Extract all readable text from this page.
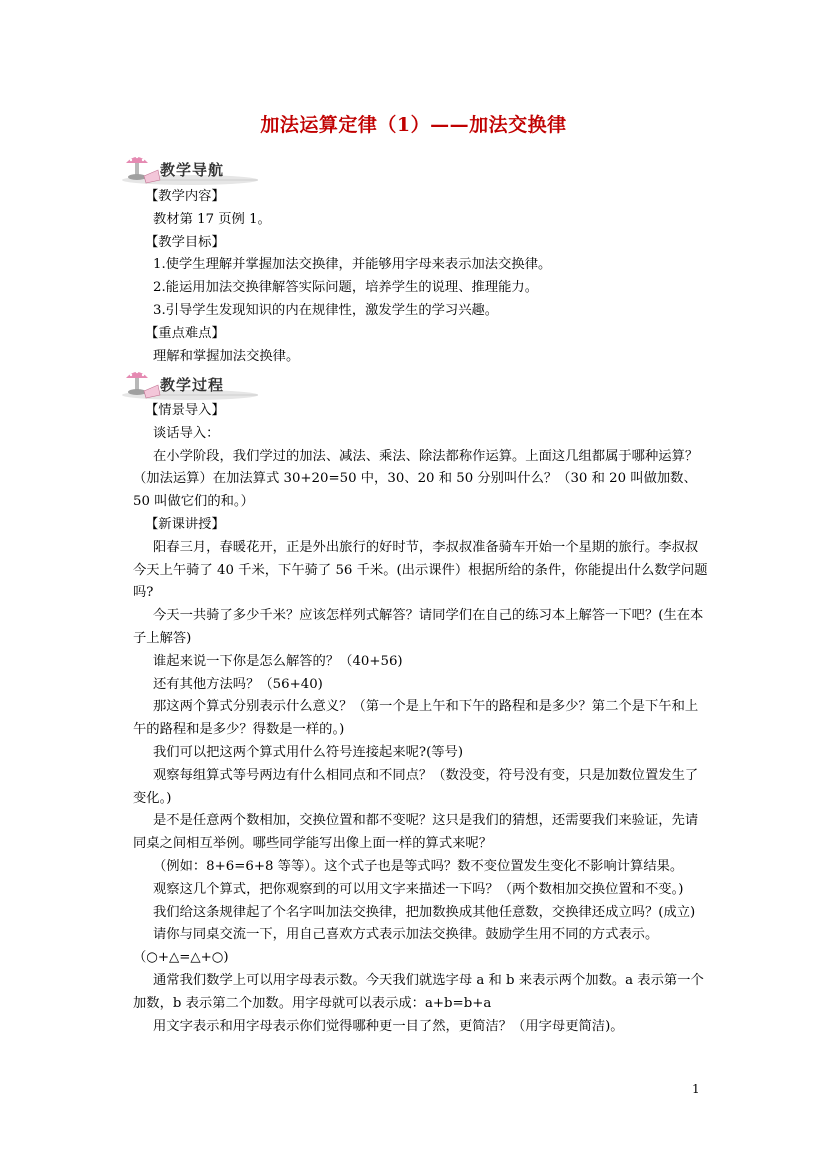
加法运算定律（1）——加法交换律
教学导航

【教学内容】

教材第 17 页例 1。

【教学目标】

1.使学生理解并掌握加法交换律，并能够用字母来表示加法交换律。

2.能运用加法交换律解答实际问题，培养学生的说理、推理能力。

3.引导学生发现知识的内在规律性，激发学生的学习兴趣。

【重点难点】

理解和掌握加法交换律。

教学过程

【情景导入】

谈话导入：

在小学阶段，我们学过的加法、减法、乘法、除法都称作运算。上面这几组都属于哪种运算？（加法运算）在加法算式 30+20=50 中，30、20 和 50 分别叫什么？（30 和 20 叫做加数、50 叫做它们的和。）

【新课讲授】

阳春三月，春暖花开，正是外出旅行的好时节，李叔叔准备骑车开始一个星期的旅行。李叔叔今天上午骑了 40 千米，下午骑了 56 千米。(出示课件）根据所给的条件，你能提出什么数学问题吗?

今天一共骑了多少千米？应该怎样列式解答？请同学们在自己的练习本上解答一下吧？(生在本子上解答)

谁起来说一下你是怎么解答的？（40+56)

还有其他方法吗？（56+40)

那这两个算式分别表示什么意义？（第一个是上午和下午的路程和是多少？第二个是下午和上午的路程和是多少？得数是一样的。)

我们可以把这两个算式用什么符号连接起来呢?(等号)

观察每组算式等号两边有什么相同点和不同点？（数没变，符号没有变，只是加数位置发生了变化。)

是不是任意两个数相加，交换位置和都不变呢？这只是我们的猜想，还需要我们来验证，先请同桌之间相互举例。哪些同学能写出像上面一样的算式来呢？

（例如：8+6=6+8 等等）。这个式子也是等式吗？数不变位置发生变化不影响计算结果。

观察这几个算式，把你观察到的可以用文字来描述一下吗？（两个数相加交换位置和不变。)

我们给这条规律起了个名字叫加法交换律，把加数换成其他任意数，交换律还成立吗？(成立)

请你与同桌交流一下，用自己喜欢方式表示加法交换律。鼓励学生用不同的方式表示。（○+△=△+○)

通常我们数学上可以用字母表示数。今天我们就选字母 a 和 b 来表示两个加数。a 表示第一个加数，b 表示第二个加数。用字母就可以表示成：a+b=b+a

用文字表示和用字母表示你们觉得哪种更一目了然，更简洁？（用字母更简洁)。

1
